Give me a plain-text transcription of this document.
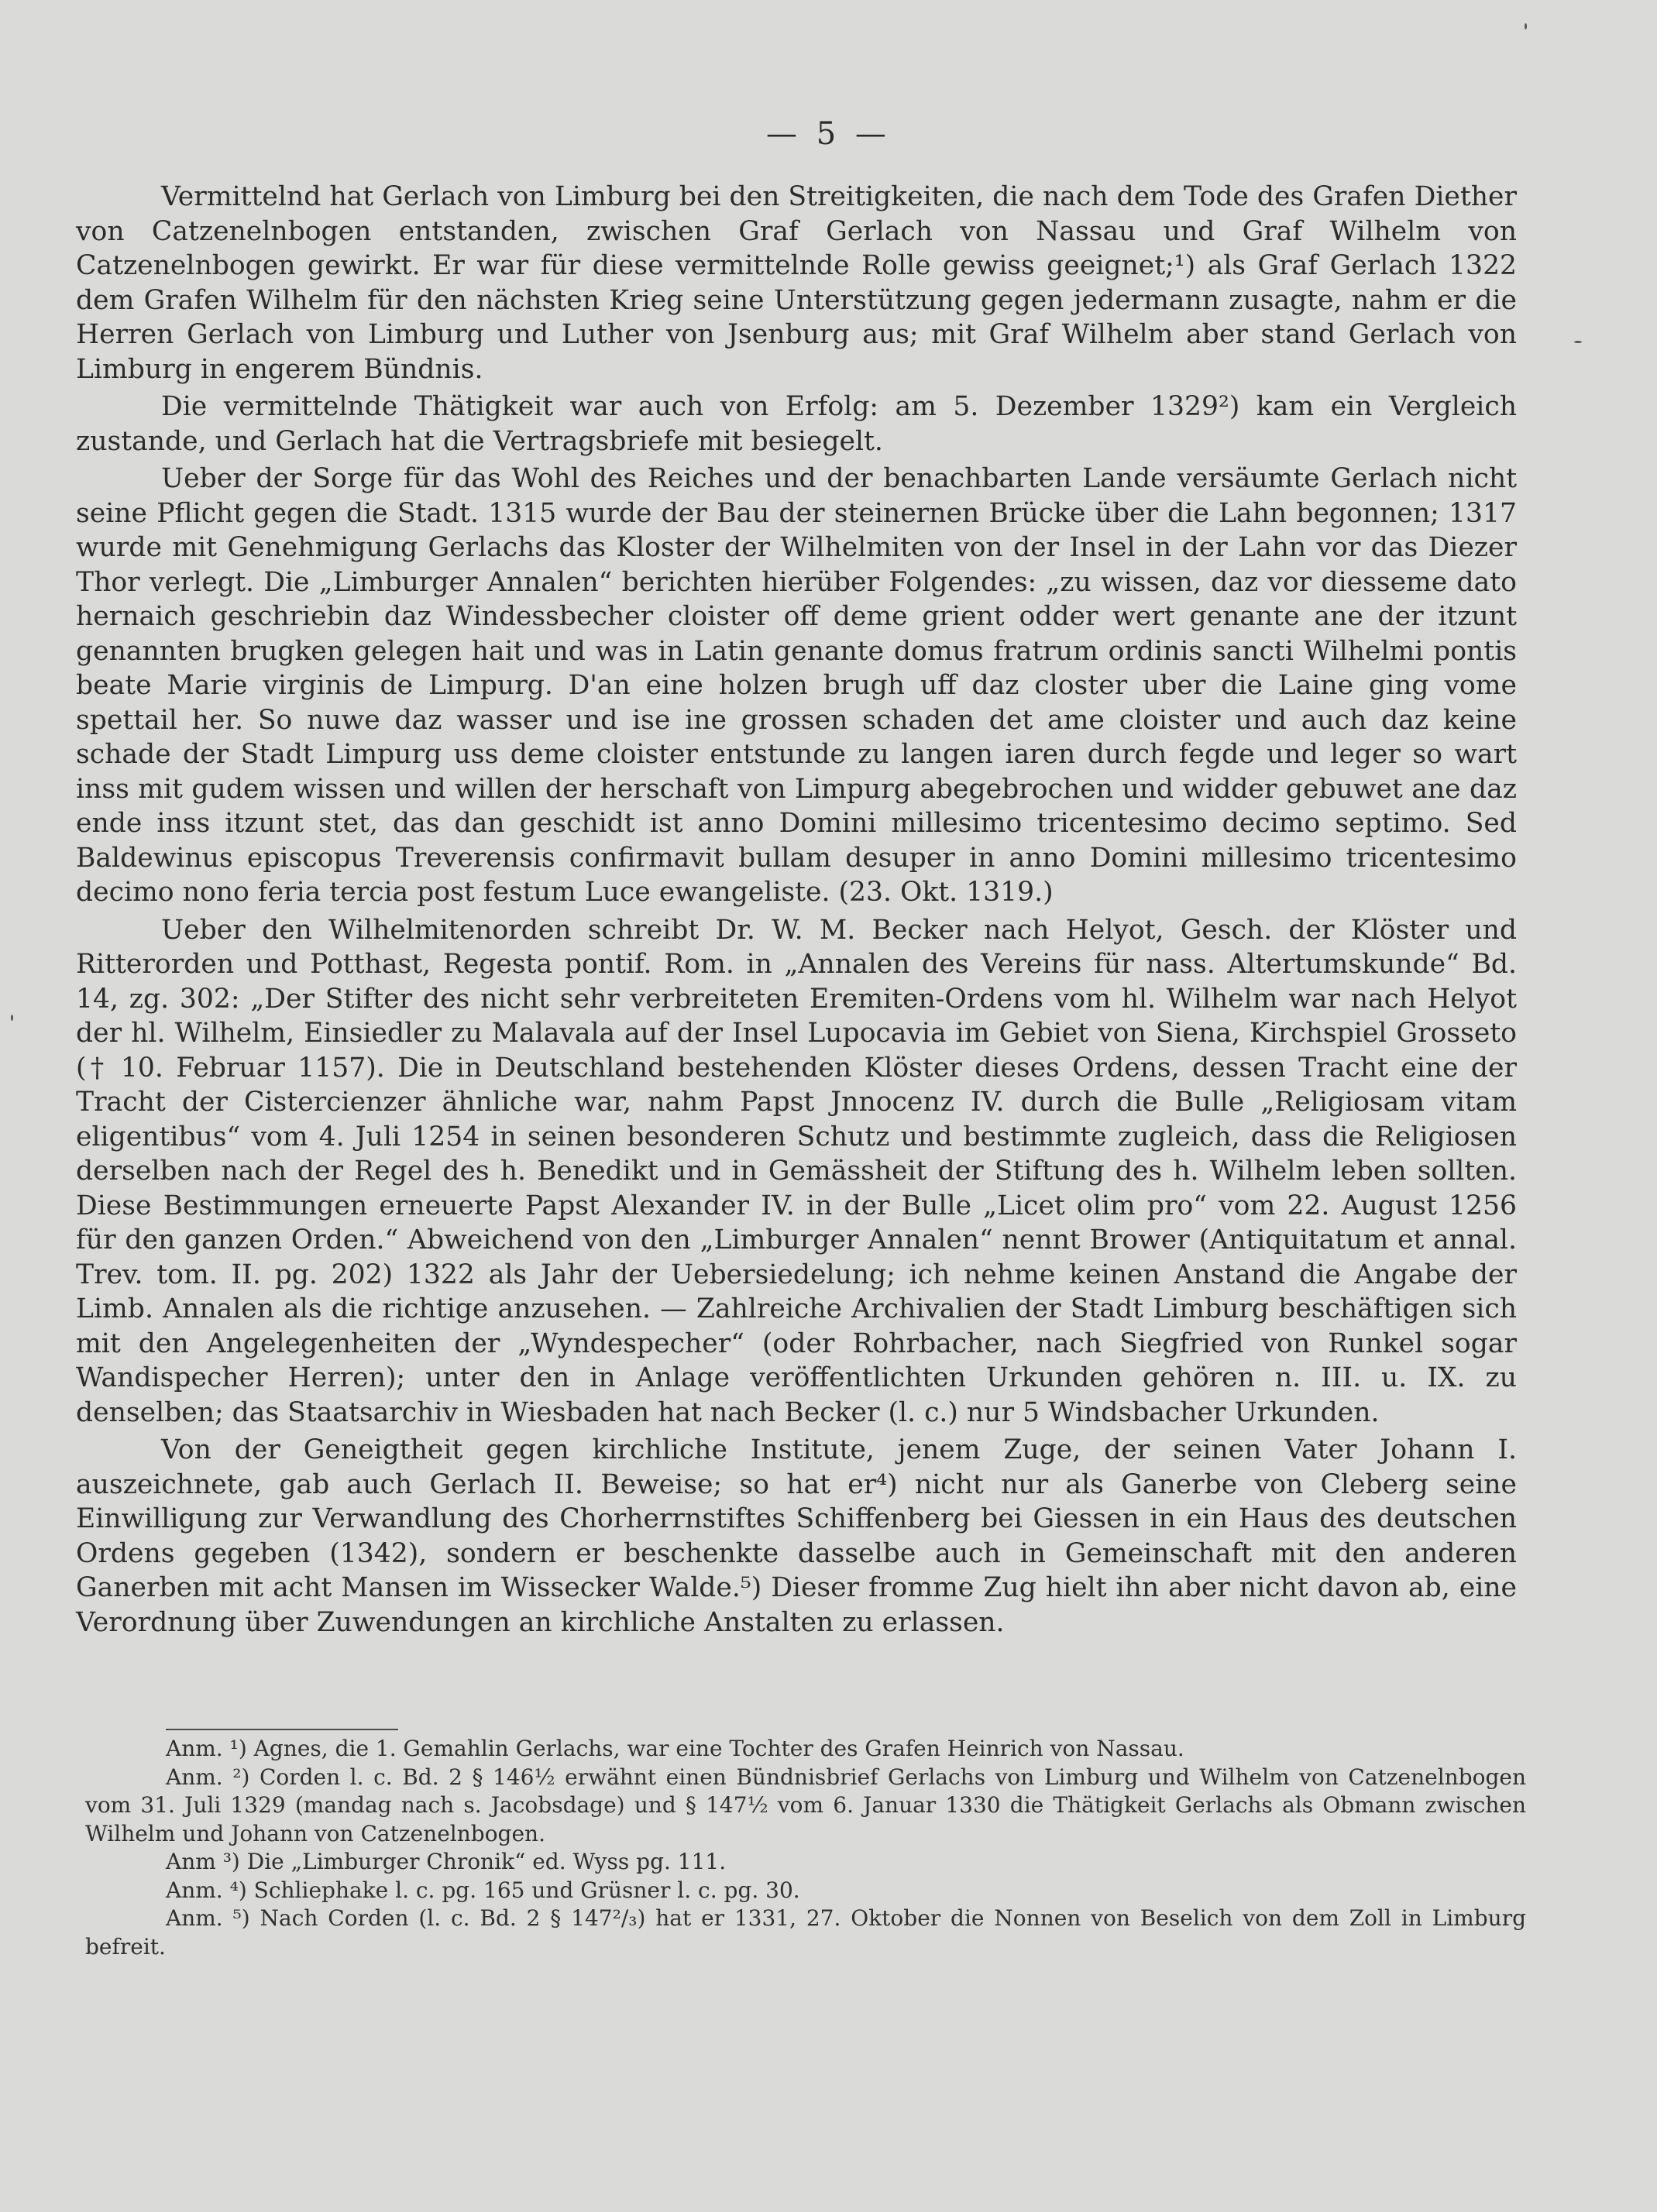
— 5 —

Vermittelnd hat Gerlach von Limburg bei den Streitigkeiten, die nach dem Tode des Grafen Diether von Catzenelnbogen entstanden, zwischen Graf Gerlach von Nassau und Graf Wilhelm von Catzenelnbogen gewirkt. Er war für diese vermittelnde Rolle gewiss geeignet;¹) als Graf Gerlach 1322 dem Grafen Wilhelm für den nächsten Krieg seine Unterstützung gegen jedermann zusagte, nahm er die Herren Gerlach von Limburg und Luther von Jsenburg aus; mit Graf Wilhelm aber stand Gerlach von Limburg in engerem Bündnis.

Die vermittelnde Thätigkeit war auch von Erfolg: am 5. Dezember 1329²) kam ein Vergleich zustande, und Gerlach hat die Vertragsbriefe mit besiegelt.

Ueber der Sorge für das Wohl des Reiches und der benachbarten Lande versäumte Gerlach nicht seine Pflicht gegen die Stadt. 1315 wurde der Bau der steinernen Brücke über die Lahn begonnen; 1317 wurde mit Genehmigung Gerlachs das Kloster der Wilhelmiten von der Insel in der Lahn vor das Diezer Thor verlegt. Die „Limburger Annalen“ berichten hierüber Folgendes: „zu wissen, daz vor diesseme dato hernaich geschriebin daz Windessbecher cloister off deme grient odder wert genante ane der itzunt genannten brugken gelegen hait und was in Latin genante domus fratrum ordinis sancti Wilhelmi pontis beate Marie virginis de Limpurg. D'an eine holzen brugh uff daz closter uber die Laine ging vome spettail her. So nuwe daz wasser und ise ine grossen schaden det ame cloister und auch daz keine schade der Stadt Limpurg uss deme cloister entstunde zu langen iaren durch fegde und leger so wart inss mit gudem wissen und willen der herschaft von Limpurg abegebrochen und widder gebuwet ane daz ende inss itzunt stet, das dan geschidt ist anno Domini millesimo tricentesimo decimo septimo. Sed Baldewinus episcopus Treverensis confirmavit bullam desuper in anno Domini millesimo tricentesimo decimo nono feria tercia post festum Luce ewangeliste. (23. Okt. 1319.)

Ueber den Wilhelmitenorden schreibt Dr. W. M. Becker nach Helyot, Gesch. der Klöster und Ritterorden und Potthast, Regesta pontif. Rom. in „Annalen des Vereins für nass. Altertumskunde“ Bd. 14, zg. 302: „Der Stifter des nicht sehr verbreiteten Eremiten-Ordens vom hl. Wilhelm war nach Helyot der hl. Wilhelm, Einsiedler zu Malavala auf der Insel Lupocavia im Gebiet von Siena, Kirchspiel Grosseto († 10. Februar 1157). Die in Deutschland bestehenden Klöster dieses Ordens, dessen Tracht eine der Tracht der Cistercienzer ähnliche war, nahm Papst Jnnocenz IV. durch die Bulle „Religiosam vitam eligentibus“ vom 4. Juli 1254 in seinen besonderen Schutz und bestimmte zugleich, dass die Religiosen derselben nach der Regel des h. Benedikt und in Gemässheit der Stiftung des h. Wilhelm leben sollten. Diese Bestimmungen erneuerte Papst Alexander IV. in der Bulle „Licet olim pro“ vom 22. August 1256 für den ganzen Orden.“ Abweichend von den „Limburger Annalen“ nennt Brower (Antiquitatum et annal. Trev. tom. II. pg. 202) 1322 als Jahr der Uebersiedelung; ich nehme keinen Anstand die Angabe der Limb. Annalen als die richtige anzusehen. — Zahlreiche Archivalien der Stadt Limburg beschäftigen sich mit den Angelegenheiten der „Wyndespecher“ (oder Rohrbacher, nach Siegfried von Runkel sogar Wandispecher Herren); unter den in Anlage veröffentlichten Urkunden gehören n. III. u. IX. zu denselben; das Staatsarchiv in Wiesbaden hat nach Becker (l. c.) nur 5 Windsbacher Urkunden.

Von der Geneigtheit gegen kirchliche Institute, jenem Zuge, der seinen Vater Johann I. auszeichnete, gab auch Gerlach II. Beweise; so hat er⁴) nicht nur als Ganerbe von Cleberg seine Einwilligung zur Verwandlung des Chorherrnstiftes Schiffenberg bei Giessen in ein Haus des deutschen Ordens gegeben (1342), sondern er beschenkte dasselbe auch in Gemeinschaft mit den anderen Ganerben mit acht Mansen im Wissecker Walde.⁵) Dieser fromme Zug hielt ihn aber nicht davon ab, eine Verordnung über Zuwendungen an kirchliche Anstalten zu erlassen.

Anm. ¹) Agnes, die 1. Gemahlin Gerlachs, war eine Tochter des Grafen Heinrich von Nassau.

Anm. ²) Corden l. c. Bd. 2 § 146½ erwähnt einen Bündnisbrief Gerlachs von Limburg und Wilhelm von Catzenelnbogen vom 31. Juli 1329 (mandag nach s. Jacobsdage) und § 147½ vom 6. Januar 1330 die Thätigkeit Gerlachs als Obmann zwischen Wilhelm und Johann von Catzenelnbogen.

Anm ³) Die „Limburger Chronik“ ed. Wyss pg. 111.

Anm. ⁴) Schliephake l. c. pg. 165 und Grüsner l. c. pg. 30.

Anm. ⁵) Nach Corden (l. c. Bd. 2 § 147²/₃) hat er 1331, 27. Oktober die Nonnen von Beselich von dem Zoll in Limburg befreit.
